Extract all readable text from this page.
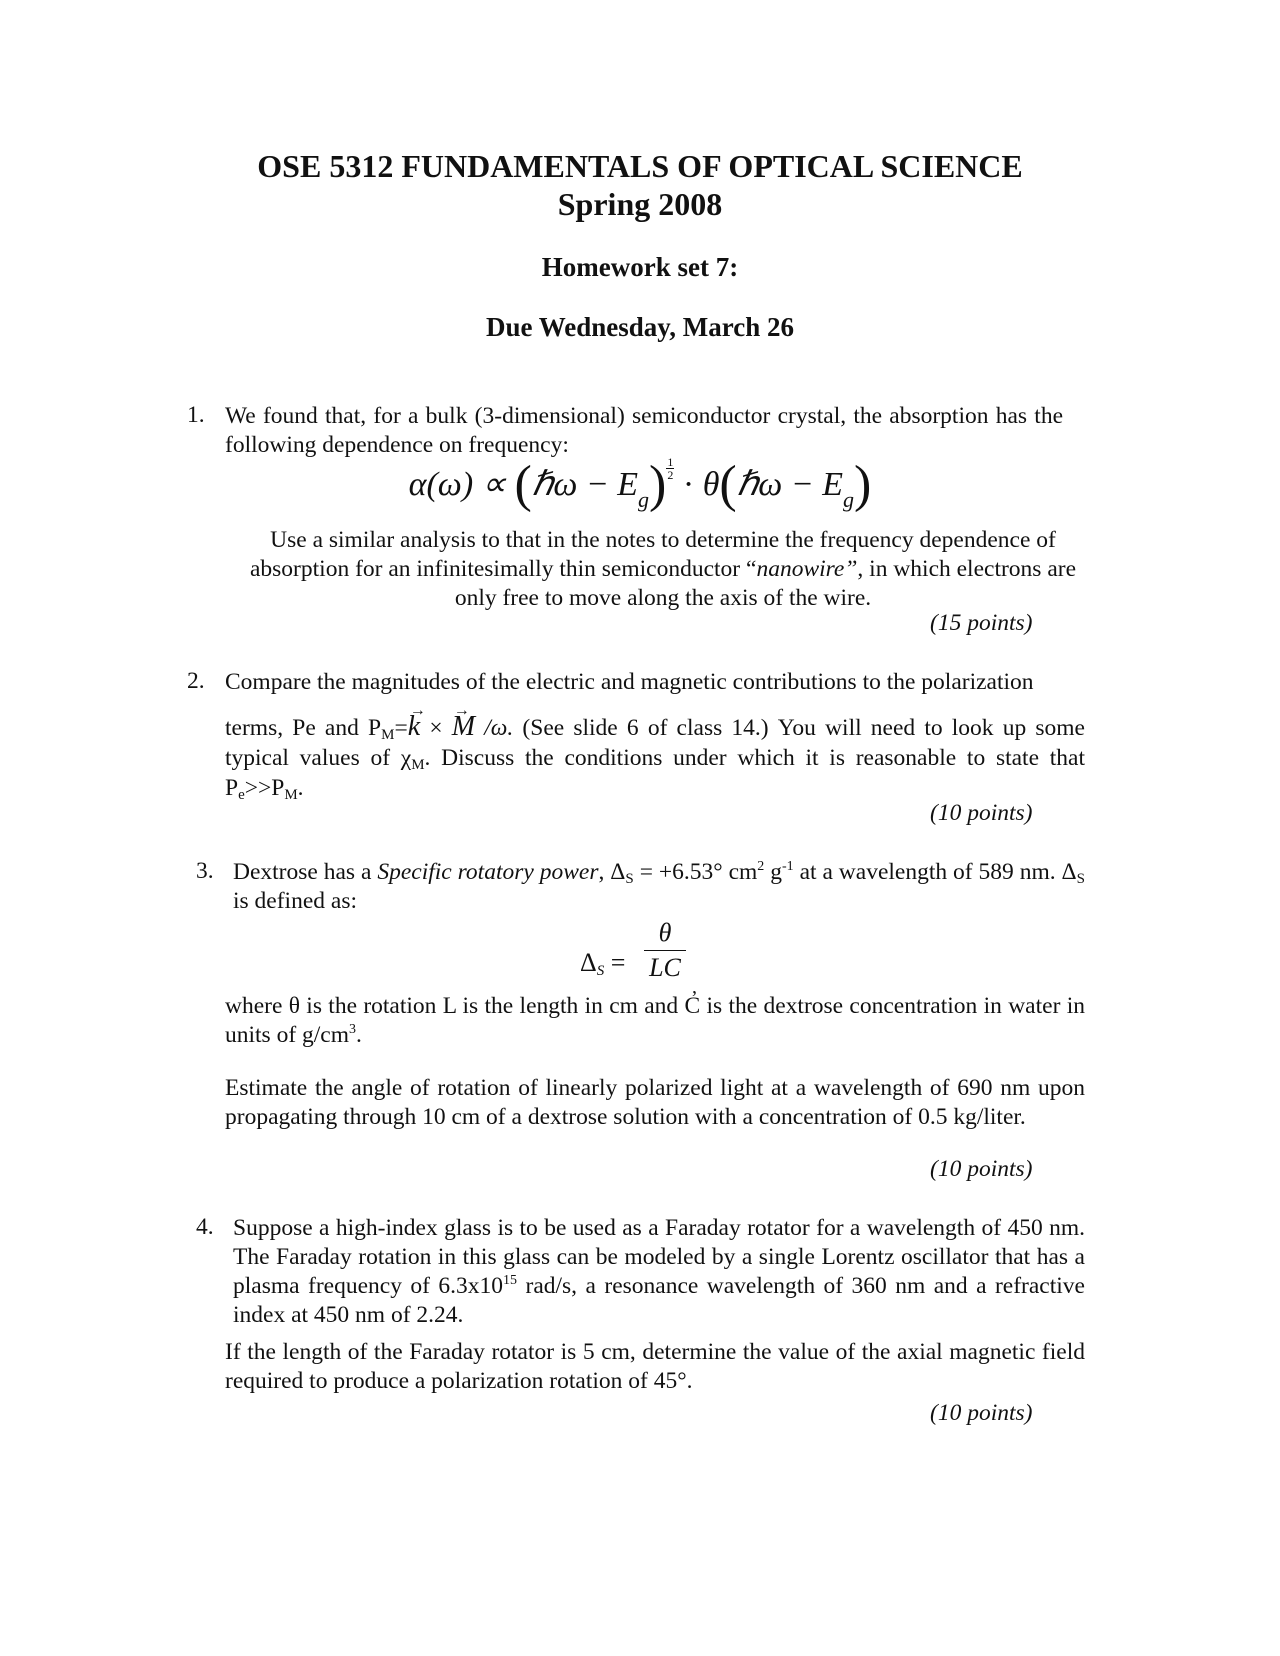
OSE 5312 FUNDAMENTALS OF OPTICAL SCIENCE
Spring 2008
Homework set 7:
Due Wednesday, March 26
1. We found that, for a bulk (3-dimensional) semiconductor crystal, the absorption has the following dependence on frequency:
α(ω) ∝ (ℏω − $E_g) \frac{1}{2}$ · θ(ℏω − $E_g$)
Use a similar analysis to that in the notes to determine the frequency dependence of absorption for an infinitesimally thin semiconductor “nanowire”, in which electrons are only free to move along the axis of the wire.
(15 points)
2. Compare the magnitudes of the electric and magnetic contributions to the polarization
terms, Pe and $P_M=\to k$ × → M /ω. (See slide 6 of class 14.) You will need to look up some typical values of $\chi_M$. Discuss the conditions under which it is reasonable to state that $P_e>>P_M$.
(10 points)
3. Dextrose has a Specific rotatory power, $\Delta_S = +6.53^\circ$ $cm^2$ $g^{-1}$ at a wavelength of 589 nm. $\Delta_S$ is defined as:
$\Delta_S$ =
θ
LC
,
where θ is the rotation L is the length in cm and C is the dextrose concentration in water in units of $g/cm^3$.
Estimate the angle of rotation of linearly polarized light at a wavelength of 690 nm upon propagating through 10 cm of a dextrose solution with a concentration of 0.5 kg/liter.
(10 points)
4. Suppose a high-index glass is to be used as a Faraday rotator for a wavelength of 450 nm. The Faraday rotation in this glass can be modeled by a single Lorentz oscillator that has a plasma frequency of $6.3x10^{15}$ rad/s, a resonance wavelength of 360 nm and a refractive index at 450 nm of 2.24.
If the length of the Faraday rotator is 5 cm, determine the value of the axial magnetic field required to produce a polarization rotation of 45°.
(10 points)
